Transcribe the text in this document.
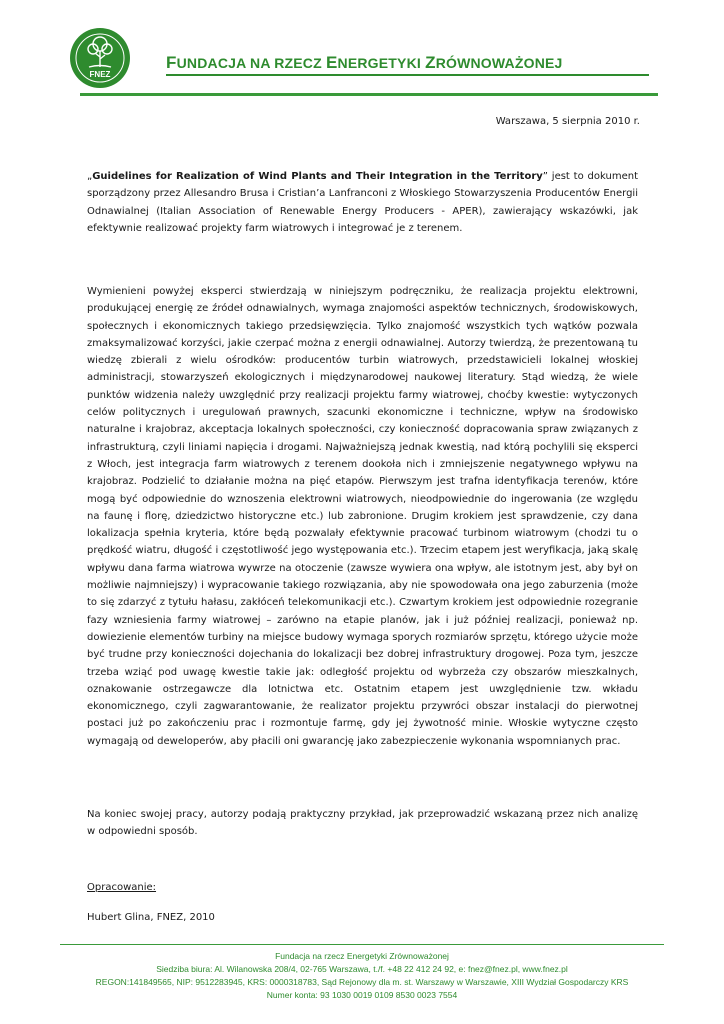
FNEZ
FUNDACJA NA RZECZ ENERGETYKI ZRÓWNOWAŻONEJ
Warszawa, 5 sierpnia 2010 r.

„Guidelines for Realization of Wind Plants and Their Integration in the Territory” jest to dokument sporządzony przez Allesandro Brusa i Cristian’a Lanfranconi z Włoskiego Stowarzyszenia Producentów Energii Odnawialnej (Italian Association of Renewable Energy Producers - APER), zawierający wskazówki, jak efektywnie realizować projekty farm wiatrowych i integrować je z terenem.

Wymienieni powyżej eksperci stwierdzają w niniejszym podręczniku, że realizacja projektu elektrowni, produkującej energię ze źródeł odnawialnych, wymaga znajomości aspektów technicznych, środowiskowych, społecznych i ekonomicznych takiego przedsięwzięcia. Tylko znajomość wszystkich tych wątków pozwala zmaksymalizować korzyści, jakie czerpać można z energii odnawialnej. Autorzy twierdzą, że prezentowaną tu wiedzę zbierali z wielu ośrodków: producentów turbin wiatrowych, przedstawicieli lokalnej włoskiej administracji, stowarzyszeń ekologicznych i międzynarodowej naukowej literatury. Stąd wiedzą, że wiele punktów widzenia należy uwzględnić przy realizacji projektu farmy wiatrowej, choćby kwestie: wytyczonych celów politycznych i uregulowań prawnych, szacunki ekonomiczne i techniczne, wpływ na środowisko naturalne i krajobraz, akceptacja lokalnych społeczności, czy konieczność dopracowania spraw związanych z infrastrukturą, czyli liniami napięcia i drogami. Najważniejszą jednak kwestią, nad którą pochylili się eksperci z Włoch, jest integracja farm wiatrowych z terenem dookoła nich i zmniejszenie negatywnego wpływu na krajobraz. Podzielić to działanie można na pięć etapów. Pierwszym jest trafna identyfikacja terenów, które mogą być odpowiednie do wznoszenia elektrowni wiatrowych, nieodpowiednie do ingerowania (ze względu na faunę i florę, dziedzictwo historyczne etc.) lub zabronione. Drugim krokiem jest sprawdzenie, czy dana lokalizacja spełnia kryteria, które będą pozwalały efektywnie pracować turbinom wiatrowym (chodzi tu o prędkość wiatru, długość i częstotliwość jego występowania etc.). Trzecim etapem jest weryfikacja, jaką skalę wpływu dana farma wiatrowa wywrze na otoczenie (zawsze wywiera ona wpływ, ale istotnym jest, aby był on możliwie najmniejszy) i wypracowanie takiego rozwiązania, aby nie spowodowała ona jego zaburzenia (może to się zdarzyć z tytułu hałasu, zakłóceń telekomunikacji etc.). Czwartym krokiem jest odpowiednie rozegranie fazy wzniesienia farmy wiatrowej – zarówno na etapie planów, jak i już później realizacji, ponieważ np. dowiezienie elementów turbiny na miejsce budowy wymaga sporych rozmiarów sprzętu, którego użycie może być trudne przy konieczności dojechania do lokalizacji bez dobrej infrastruktury drogowej. Poza tym, jeszcze trzeba wziąć pod uwagę kwestie takie jak: odległość projektu od wybrzeża czy obszarów mieszkalnych, oznakowanie ostrzegawcze dla lotnictwa etc. Ostatnim etapem jest uwzględnienie tzw. wkładu ekonomicznego, czyli zagwarantowanie, że realizator projektu przywróci obszar instalacji do pierwotnej postaci już po zakończeniu prac i rozmontuje farmę, gdy jej żywotność minie. Włoskie wytyczne często wymagają od deweloperów, aby płacili oni gwarancję jako zabezpieczenie wykonania wspomnianych prac.

Na koniec swojej pracy, autorzy podają praktyczny przykład, jak przeprowadzić wskazaną przez nich analizę w odpowiedni sposób.

Opracowanie:
Hubert Glina, FNEZ, 2010
Fundacja na rzecz Energetyki Zrównoważonej
Siedziba biura: Al. Wilanowska 208/4, 02-765 Warszawa, t./f. +48 22 412 24 92, e: fnez@fnez.pl, www.fnez.pl
REGON:141849565, NIP: 9512283945, KRS: 0000318783, Sąd Rejonowy dla m. st. Warszawy w Warszawie, XIII Wydział Gospodarczy KRS
Numer konta: 93 1030 0019 0109 8530 0023 7554
